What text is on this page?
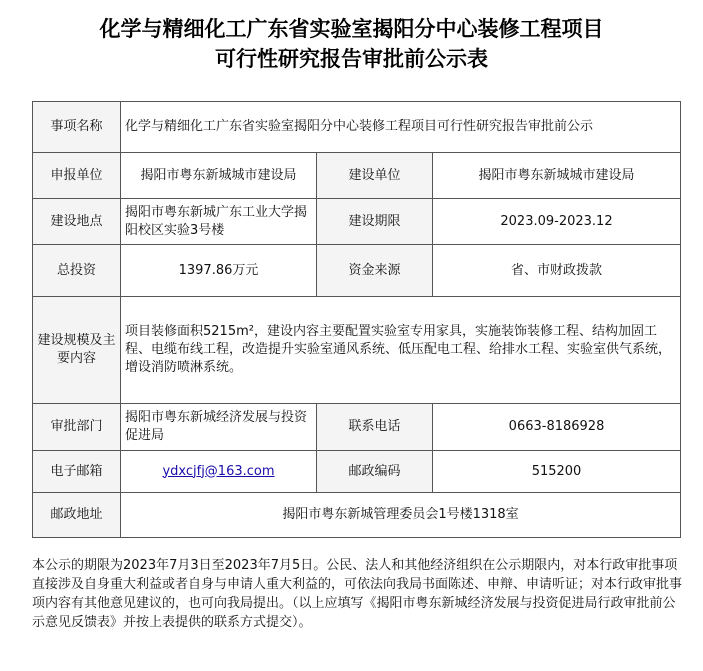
化学与精细化工广东省实验室揭阳分中心装修工程项目
可行性研究报告审批前公示表
事项名称	化学与精细化工广东省实验室揭阳分中心装修工程项目可行性研究报告审批前公示		
申报单位	揭阳市粤东新城城市建设局	建设单位	揭阳市粤东新城城市建设局
建设地点	揭阳市粤东新城广东工业大学揭阳校区实验3号楼	建设期限	2023.09-2023.12
总投资	1397.86万元	资金来源	省、市财政拨款
建设规模及主要内容	项目装修面积5215m²，建设内容主要配置实验室专用家具，实施装饰装修工程、结构加固工程、电缆布线工程，改造提升实验室通风系统、低压配电工程、给排水工程、实验室供气系统，增设消防喷淋系统。		
审批部门	揭阳市粤东新城经济发展与投资促进局	联系电话	0663-8186928
电子邮箱	ydxcjfj@163.com	邮政编码	515200
邮政地址	揭阳市粤东新城管理委员会1号楼1318室		
本公示的期限为2023年7月3日至2023年7月5日。公民、法人和其他经济组织在公示期限内，对本行政审批事项直接涉及自身重大利益或者自身与申请人重大利益的，可依法向我局书面陈述、申辩、申请听证；对本行政审批事项内容有其他意见建议的，也可向我局提出。（以上应填写《揭阳市粤东新城经济发展与投资促进局行政审批前公示意见反馈表》并按上表提供的联系方式提交）。
